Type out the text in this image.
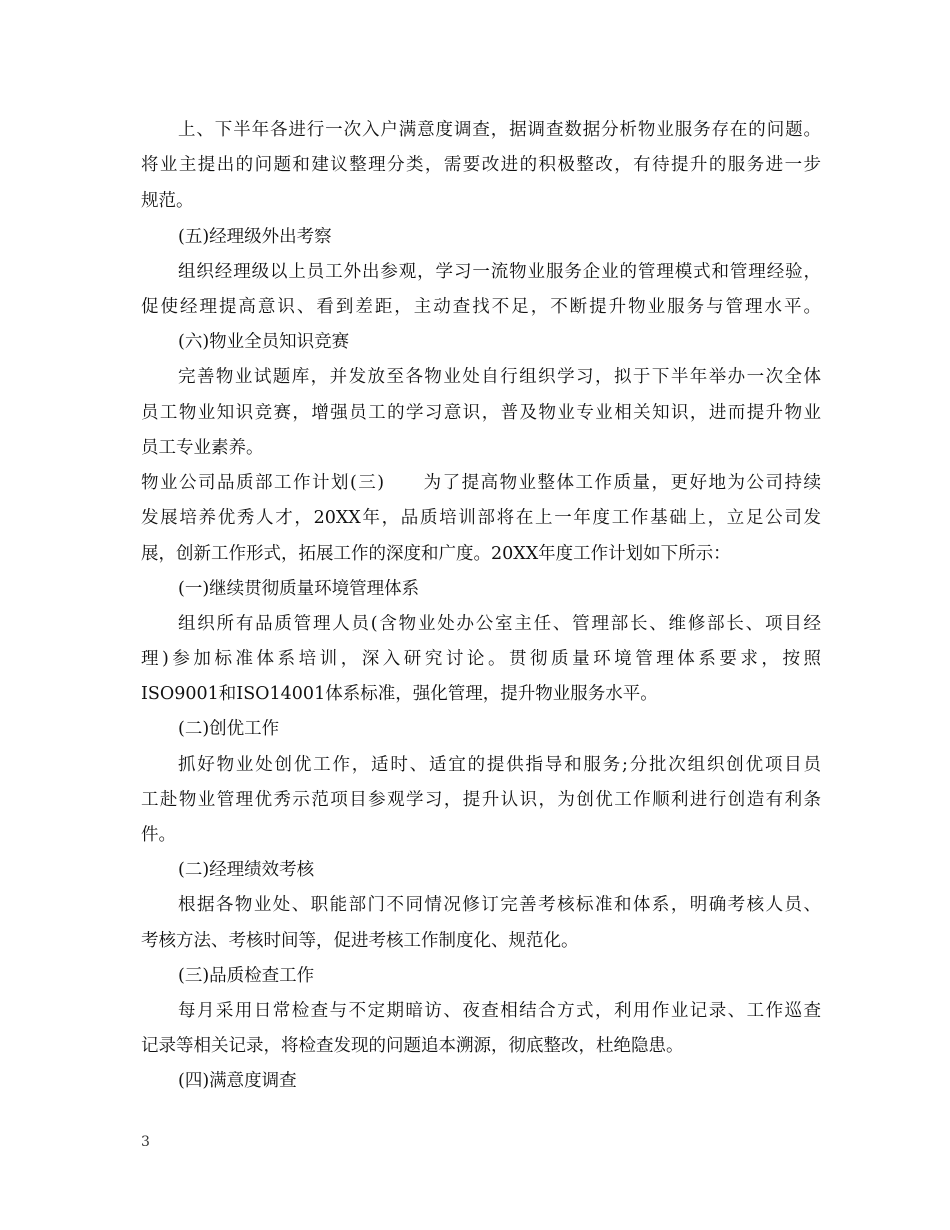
上、下半年各进行一次入户满意度调查，据调查数据分析物业服务存在的问题。
将业主提出的问题和建议整理分类，需要改进的积极整改，有待提升的服务进一步
规范。
(五)经理级外出考察
组织经理级以上员工外出参观，学习一流物业服务企业的管理模式和管理经验，
促使经理提高意识、看到差距，主动查找不足，不断提升物业服务与管理水平。
(六)物业全员知识竞赛
完善物业试题库，并发放至各物业处自行组织学习，拟于下半年举办一次全体
员工物业知识竞赛，增强员工的学习意识，普及物业专业相关知识，进而提升物业
员工专业素养。
物业公司品质部工作计划(三)　　为了提高物业整体工作质量，更好地为公司持续
发展培养优秀人才，20XX年，品质培训部将在上一年度工作基础上，立足公司发
展，创新工作形式，拓展工作的深度和广度。20XX年度工作计划如下所示：
(一)继续贯彻质量环境管理体系
组织所有品质管理人员(含物业处办公室主任、管理部长、维修部长、项目经
理)参加标准体系培训，深入研究讨论。贯彻质量环境管理体系要求，按照
ISO9001和ISO14001体系标准，强化管理，提升物业服务水平。
(二)创优工作
抓好物业处创优工作，适时、适宜的提供指导和服务;分批次组织创优项目员
工赴物业管理优秀示范项目参观学习，提升认识，为创优工作顺利进行创造有利条
件。
(二)经理绩效考核
根据各物业处、职能部门不同情况修订完善考核标准和体系，明确考核人员、
考核方法、考核时间等，促进考核工作制度化、规范化。
(三)品质检查工作
每月采用日常检查与不定期暗访、夜查相结合方式，利用作业记录、工作巡查
记录等相关记录，将检查发现的问题追本溯源，彻底整改，杜绝隐患。
(四)满意度调查
3
